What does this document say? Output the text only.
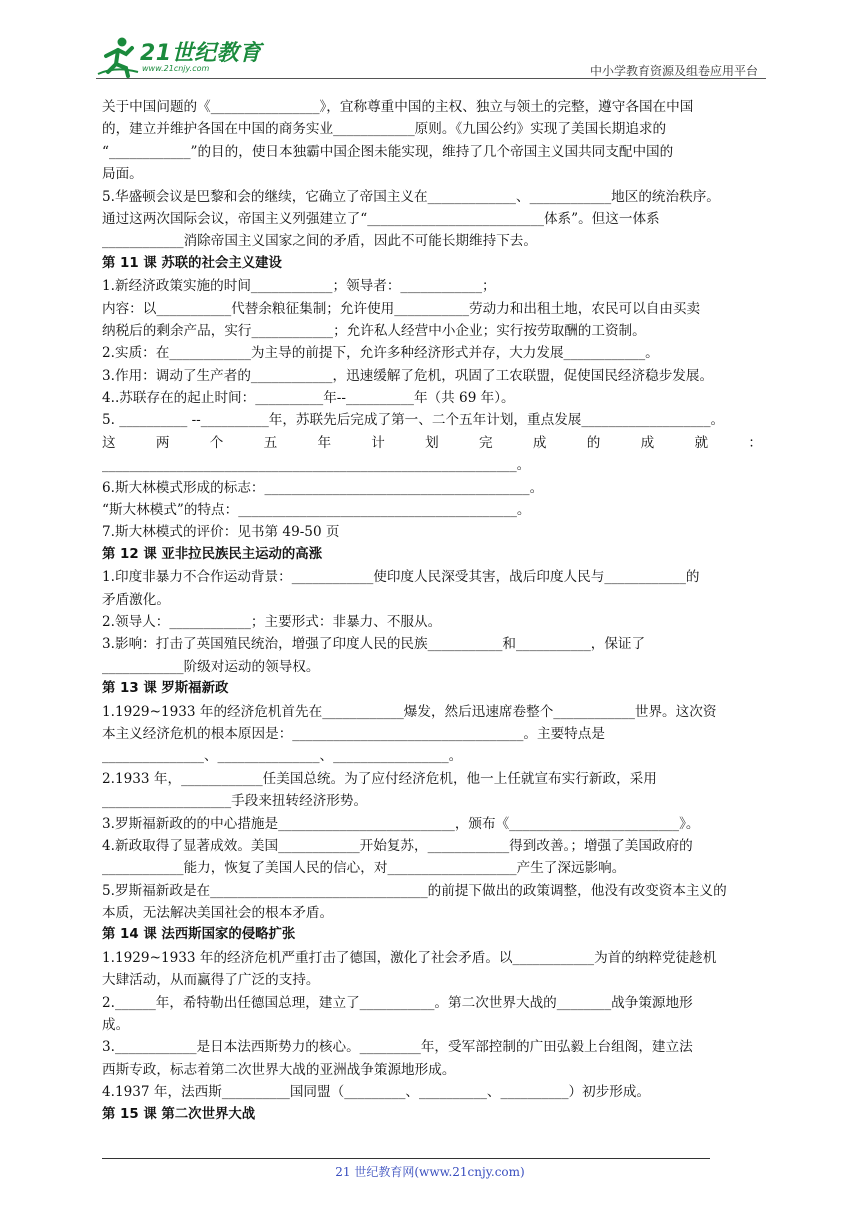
21世纪教育
www.21cnjy.com	中小学教育资源及组卷应用平台
关于中国问题的《________________》，宜称尊重中国的主权、独立与领土的完整，遵守各国在中国
的，建立并维护各国在中国的商务实业____________原则。《九国公约》实现了美国长期追求的
“____________”的目的，使日本独霸中国企图未能实现，维持了几个帝国主义国共同支配中国的
局面。
5.华盛顿会议是巴黎和会的继续，它确立了帝国主义在_____________、____________地区的统治秩序。
通过这两次国际会议，帝国主义列强建立了“__________________________体系”。但这一体系
____________消除帝国主义国家之间的矛盾，因此不可能长期维持下去。
第 11 课 苏联的社会主义建设
1.新经济政策实施的时间____________；领导者：____________；
内容：以___________代替余粮征集制；允许使用___________劳动力和出租土地，农民可以自由买卖
纳税后的剩余产品，实行____________；允许私人经营中小企业；实行按劳取酬的工资制。
2.实质：在____________为主导的前提下，允许多种经济形式并存，大力发展____________。
3.作用：调动了生产者的____________，迅速缓解了危机，巩固了工农联盟，促使国民经济稳步发展。
4..苏联存在的起止时间：__________年--__________年（共 69 年）。
5. __________ --__________年，苏联先后完成了第一、二个五年计划，重点发展___________________。
这	两	个	五	年	计	划	完	成	的	成	就	：
_____________________________________________________________。
6.斯大林模式形成的标志：_______________________________________。
“斯大林模式”的特点：_________________________________________。
7.斯大林模式的评价：见书第 49-50 页
第 12 课 亚非拉民族民主运动的高涨
1.印度非暴力不合作运动背景：____________使印度人民深受其害，战后印度人民与____________的
矛盾激化。
2.领导人：____________；主要形式：非暴力、不服从。
3.影响：打击了英国殖民统治，增强了印度人民的民族___________和___________，保证了
____________阶级对运动的领导权。
第 13 课 罗斯福新政
1.1929~1933 年的经济危机首先在____________爆发，然后迅速席卷整个____________世界。这次资
本主义经济危机的根本原因是：__________________________________。主要特点是
_______________、_______________、_________________。
2.1933 年，____________任美国总统。为了应付经济危机，他一上任就宣布实行新政，采用
___________________手段来扭转经济形势。
3.罗斯福新政的的中心措施是__________________________，颁布《_________________________》。
4.新政取得了显著成效。美国____________开始复苏，____________得到改善。；增强了美国政府的
____________能力，恢复了美国人民的信心，对___________________产生了深远影响。
5.罗斯福新政是在________________________________的前提下做出的政策调整，他没有改变资本主义的
本质，无法解决美国社会的根本矛盾。
第 14 课 法西斯国家的侵略扩张
1.1929~1933 年的经济危机严重打击了德国，激化了社会矛盾。以____________为首的纳粹党徒趁机
大肆活动，从而赢得了广泛的支持。
2.______年，希特勒出任德国总理，建立了___________。第二次世界大战的________战争策源地形
成。
3.____________是日本法西斯势力的核心。_________年，受军部控制的广田弘毅上台组阁，建立法
西斯专政，标志着第二次世界大战的亚洲战争策源地形成。
4.1937 年，法西斯__________国同盟（_________、__________、__________）初步形成。
第 15 课 第二次世界大战
21 世纪教育网(www.21cnjy.com)
